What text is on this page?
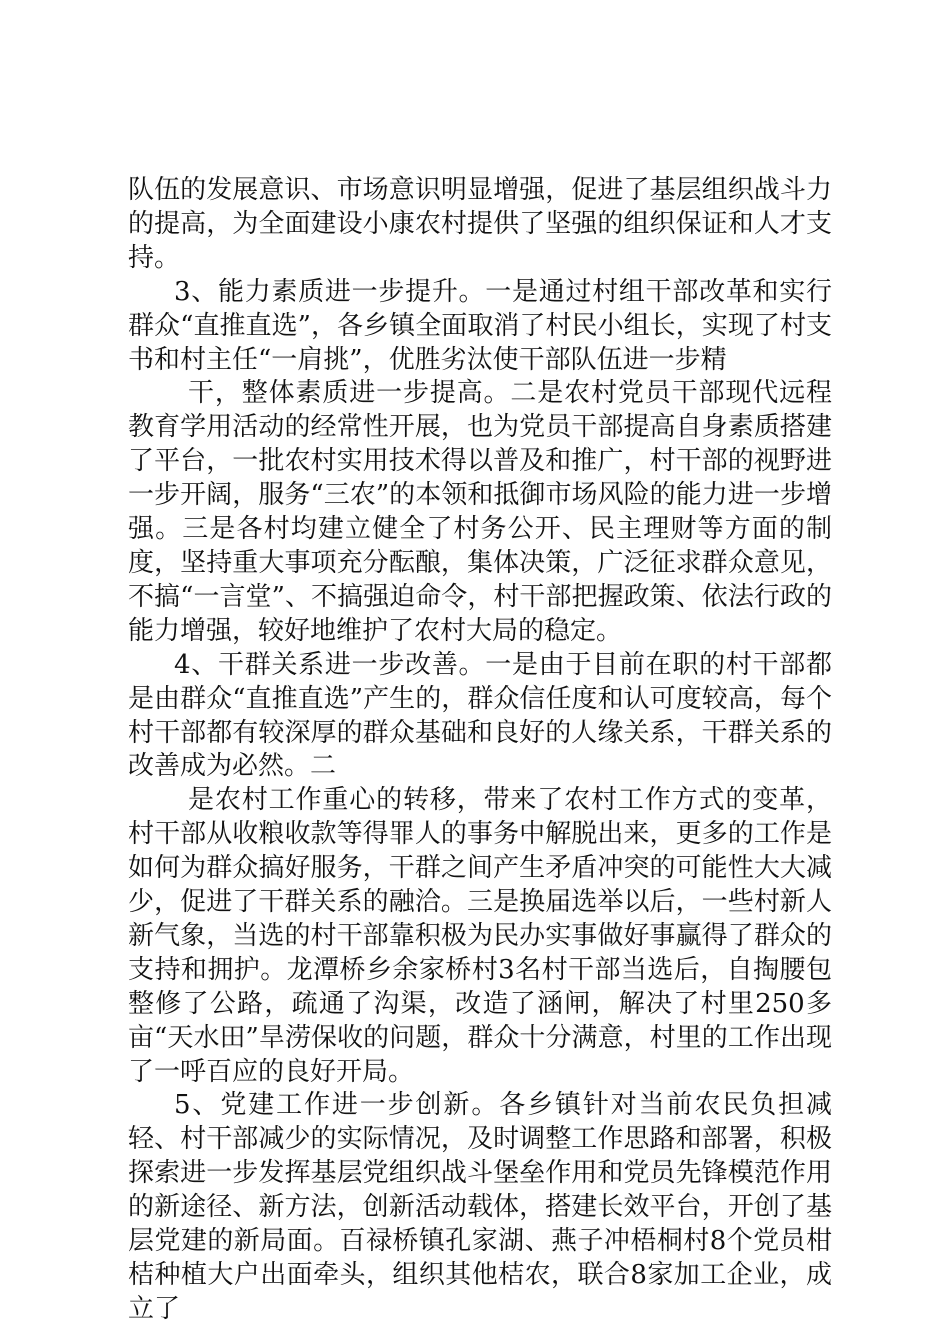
队伍的发展意识、市场意识明显增强，促进了基层组织战斗力的提高，为全面建设小康农村提供了坚强的组织保证和人才支持。

3、能力素质进一步提升。一是通过村组干部改革和实行群众“直推直选”，各乡镇全面取消了村民小组长，实现了村支书和村主任“一肩挑”，优胜劣汰使干部队伍进一步精

干，整体素质进一步提高。二是农村党员干部现代远程教育学用活动的经常性开展，也为党员干部提高自身素质搭建了平台，一批农村实用技术得以普及和推广，村干部的视野进一步开阔，服务“三农”的本领和抵御市场风险的能力进一步增强。三是各村均建立健全了村务公开、民主理财等方面的制度，坚持重大事项充分酝酿，集体决策，广泛征求群众意见，不搞“一言堂”、不搞强迫命令，村干部把握政策、依法行政的能力增强，较好地维护了农村大局的稳定。

4、干群关系进一步改善。一是由于目前在职的村干部都是由群众“直推直选”产生的，群众信任度和认可度较高，每个村干部都有较深厚的群众基础和良好的人缘关系，干群关系的改善成为必然。二

是农村工作重心的转移，带来了农村工作方式的变革，村干部从收粮收款等得罪人的事务中解脱出来，更多的工作是如何为群众搞好服务，干群之间产生矛盾冲突的可能性大大减少，促进了干群关系的融洽。三是换届选举以后，一些村新人新气象，当选的村干部靠积极为民办实事做好事赢得了群众的支持和拥护。龙潭桥乡余家桥村3名村干部当选后，自掏腰包整修了公路，疏通了沟渠，改造了涵闸，解决了村里250多亩“天水田”旱涝保收的问题，群众十分满意，村里的工作出现了一呼百应的良好开局。

5、党建工作进一步创新。各乡镇针对当前农民负担减轻、村干部减少的实际情况，及时调整工作思路和部署，积极探索进一步发挥基层党组织战斗堡垒作用和党员先锋模范作用的新途径、新方法，创新活动载体，搭建长效平台，开创了基层党建的新局面。百禄桥镇孔家湖、燕子冲梧桐村8个党员柑桔种植大户出面牵头，组织其他桔农，联合8家加工企业，成立了
